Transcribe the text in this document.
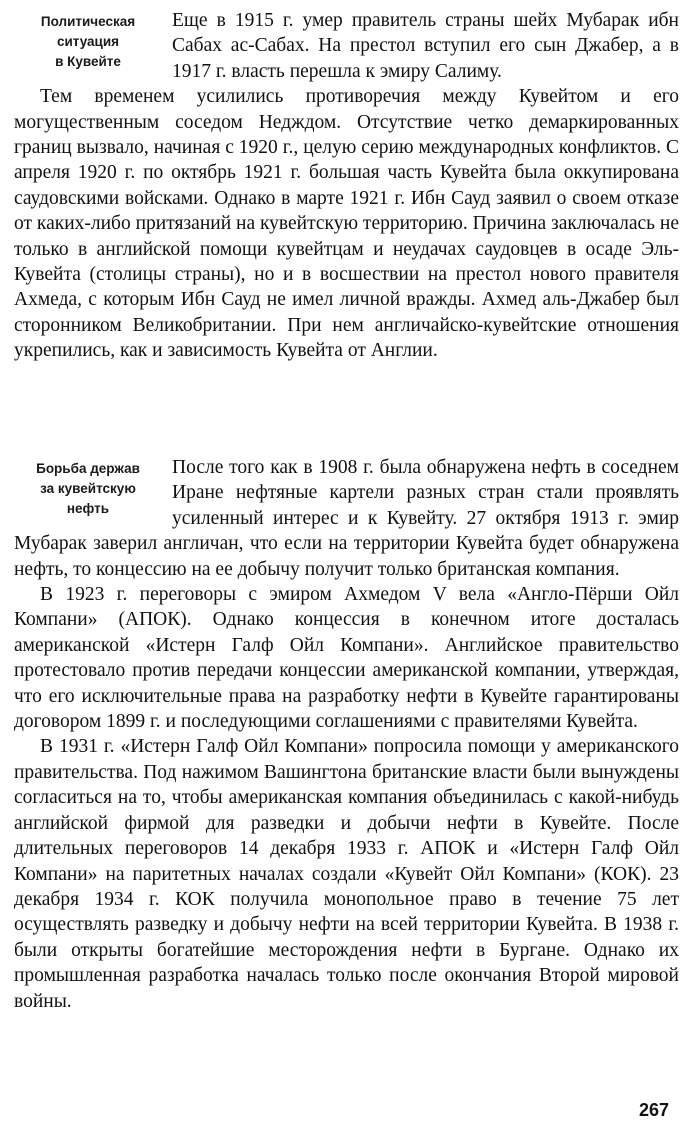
Политическая
ситуация
в Кувейте

Еще в 1915 г. умер правитель страны шейх Мубарак ибн Сабах ас-Сабах. На престол вступил его сын Джабер, а в 1917 г. власть перешла к эмиру Салиму.

Тем временем усилились противоречия между Кувейтом и его могущественным соседом Недждом. Отсутствие четко демаркированных границ вызвало, начиная с 1920 г., целую серию международных конфликтов. С апреля 1920 г. по октябрь 1921 г. большая часть Кувейта была оккупирована саудовскими войсками. Однако в марте 1921 г. Ибн Сауд заявил о своем отказе от каких-либо притязаний на кувейтскую территорию. Причина заключалась не только в английской помощи кувейтцам и неудачах саудовцев в осаде Эль-Кувейта (столицы страны), но и в восшествии на престол нового правителя Ахмеда, с которым Ибн Сауд не имел личной вражды. Ахмед аль-Джабер был сторонником Великобритании. При нем англичайско-кувейтские отношения укрепились, как и зависимость Кувейта от Англии.

Борьба держав
за кувейтскую
нефть

После того как в 1908 г. была обнаружена нефть в соседнем Иране нефтяные картели разных стран стали проявлять усиленный интерес и к Кувейту. 27 октября 1913 г. эмир Мубарак заверил англичан, что если на территории Кувейта будет обнаружена нефть, то концессию на ее добычу получит только британская компания.

В 1923 г. переговоры с эмиром Ахмедом V вела «Англо-Пёрши Ойл Компани» (АПОК). Однако концессия в конечном итоге досталась американской «Истерн Галф Ойл Компани». Английское правительство протестовало против передачи концессии американской компании, утверждая, что его исключительные права на разработку нефти в Кувейте гарантированы договором 1899 г. и последующими соглашениями с правителями Кувейта.

В 1931 г. «Истерн Галф Ойл Компани» попросила помощи у американского правительства. Под нажимом Вашингтона британские власти были вынуждены согласиться на то, чтобы американская компания объединилась с какой-нибудь английской фирмой для разведки и добычи нефти в Кувейте. После длительных переговоров 14 декабря 1933 г. АПОК и «Истерн Галф Ойл Компани» на паритетных началах создали «Кувейт Ойл Компани» (КОК). 23 декабря 1934 г. КОК получила монопольное право в течение 75 лет осуществлять разведку и добычу нефти на всей территории Кувейта. В 1938 г. были открыты богатейшие месторождения нефти в Бургане. Однако их промышленная разработка началась только после окончания Второй мировой войны.

267
